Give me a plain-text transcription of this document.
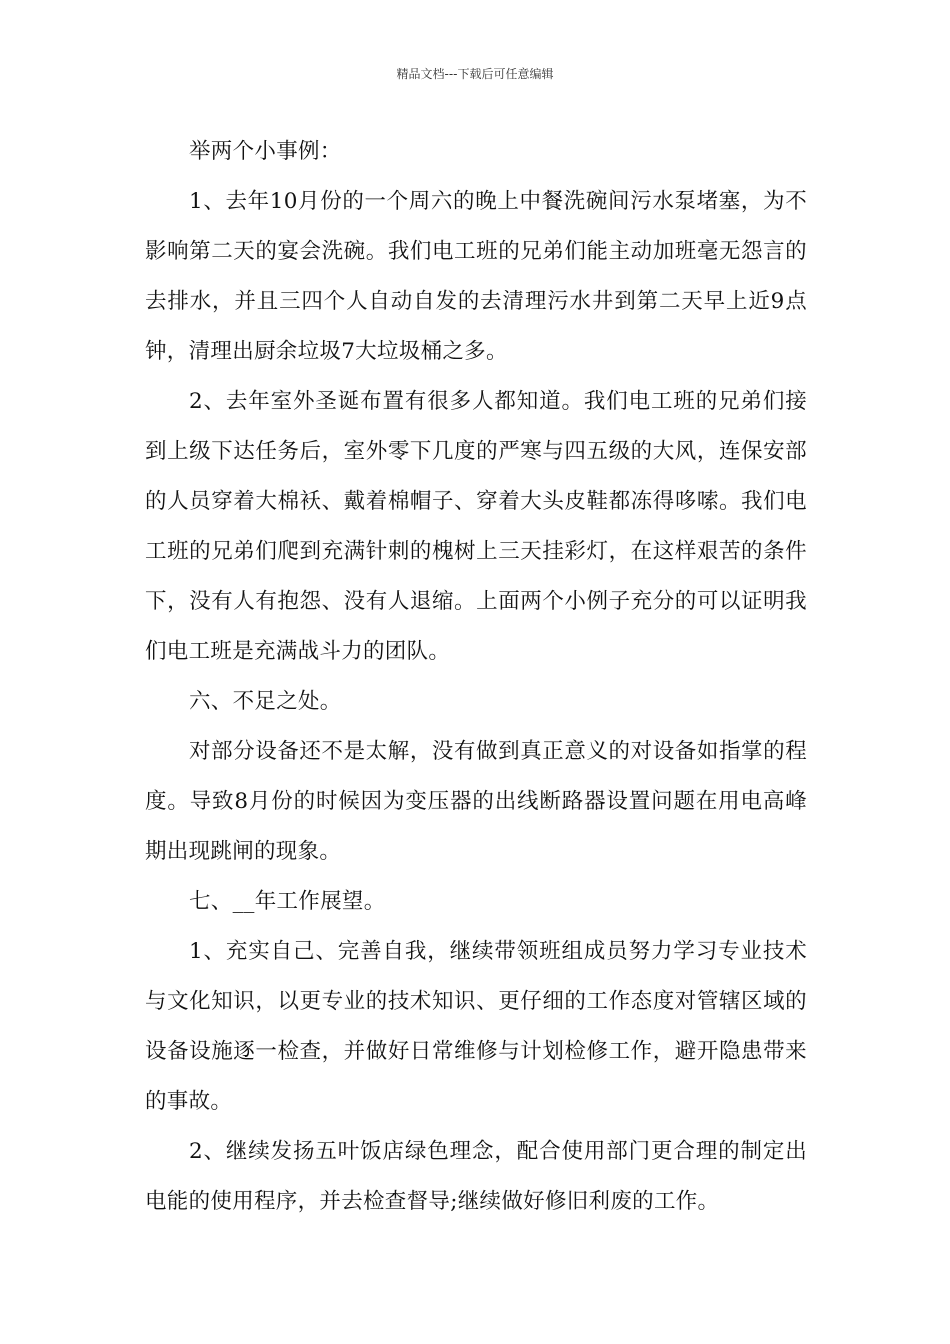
精品文档---下载后可任意编辑

举两个小事例：

1、去年10月份的一个周六的晚上中餐洗碗间污水泵堵塞，为不影响第二天的宴会洗碗。我们电工班的兄弟们能主动加班毫无怨言的去排水，并且三四个人自动自发的去清理污水井到第二天早上近9点钟，清理出厨余垃圾7大垃圾桶之多。

2、去年室外圣诞布置有很多人都知道。我们电工班的兄弟们接到上级下达任务后，室外零下几度的严寒与四五级的大风，连保安部的人员穿着大棉袄、戴着棉帽子、穿着大头皮鞋都冻得哆嗦。我们电工班的兄弟们爬到充满针刺的槐树上三天挂彩灯，在这样艰苦的条件下，没有人有抱怨、没有人退缩。上面两个小例子充分的可以证明我们电工班是充满战斗力的团队。

六、不足之处。

对部分设备还不是太解，没有做到真正意义的对设备如指掌的程度。导致8月份的时候因为变压器的出线断路器设置问题在用电高峰期出现跳闸的现象。

七、__年工作展望。

1、充实自己、完善自我，继续带领班组成员努力学习专业技术与文化知识，以更专业的技术知识、更仔细的工作态度对管辖区域的设备设施逐一检查，并做好日常维修与计划检修工作，避开隐患带来的事故。

2、继续发扬五叶饭店绿色理念，配合使用部门更合理的制定出电能的使用程序，并去检查督导;继续做好修旧利废的工作。
